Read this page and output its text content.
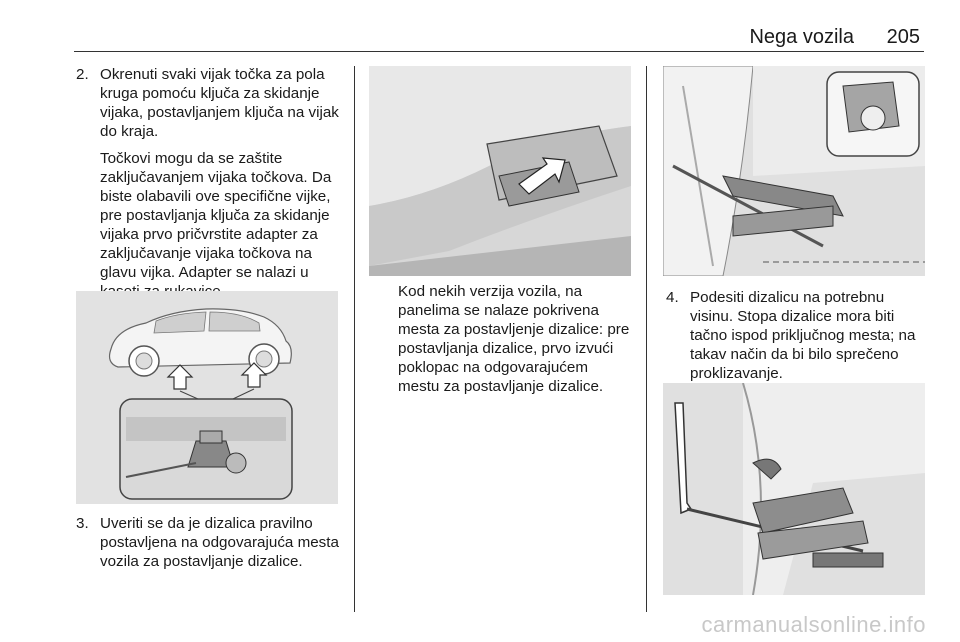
Nega vozila 205
2. Okrenuti svaki vijak točka za pola kruga pomoću ključa za skidanje vijaka, postavljanjem ključa na vijak do kraja.
Točkovi mogu da se zaštite zaključavanjem vijaka točkova. Da biste olabavili ove specifične vijke, pre postavljanja ključa za skidanje vijaka prvo pričvrstite adapter za zaključavanje vijaka točkova na glavu vijka. Adapter se nalazi u
3. Uveriti se da je dizalica pravilno postavljena na odgovarajuća mesta vozila za postavljanje dizalice.
Kod nekih verzija vozila, na panelima se nalaze pokrivena mesta za postavljenje dizalice: pre postavljanja dizalice, prvo izvući poklopac na odgovarajućem mestu za postavljanje dizalice.
4. Podesiti dizalicu na potrebnu visinu. Stopa dizalice mora biti tačno ispod priključnog mesta; na takav način da bi bilo sprečeno proklizavanje.
carmanualsonline.info
